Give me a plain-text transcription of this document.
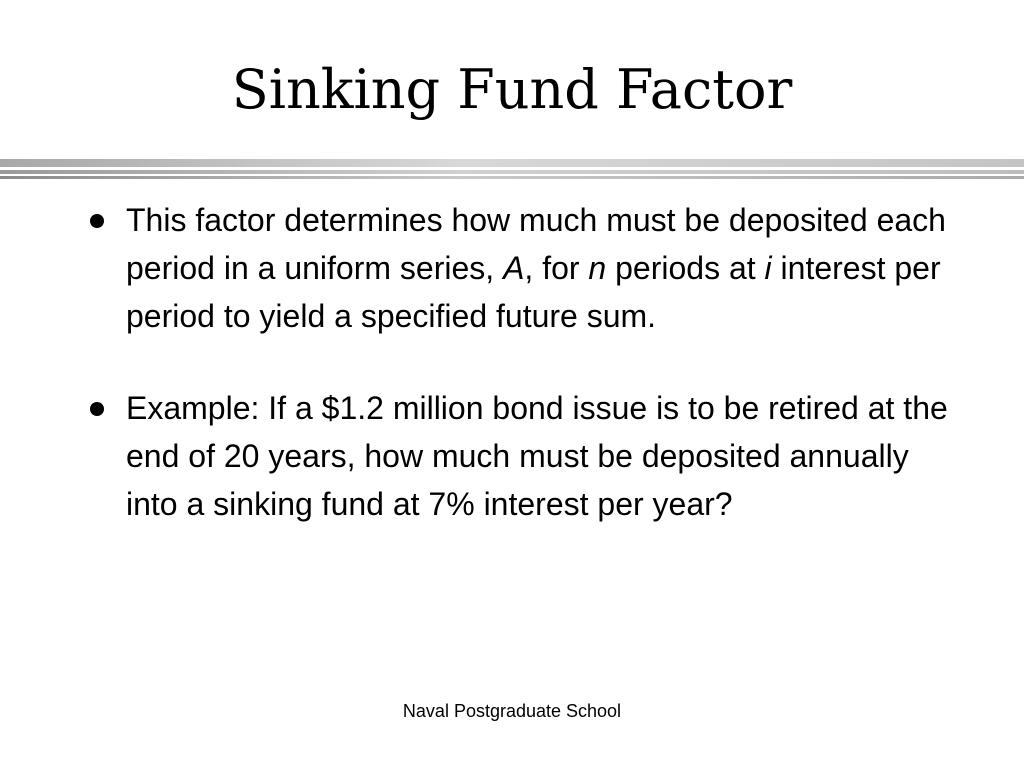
Sinking Fund Factor
This factor determines how much must be deposited each period in a uniform series, A, for n periods at i interest per period to yield a specified future sum.
Example: If a $1.2 million bond issue is to be retired at the end of 20 years, how much must be deposited annually into a sinking fund at 7% interest per year?
Naval Postgraduate School
